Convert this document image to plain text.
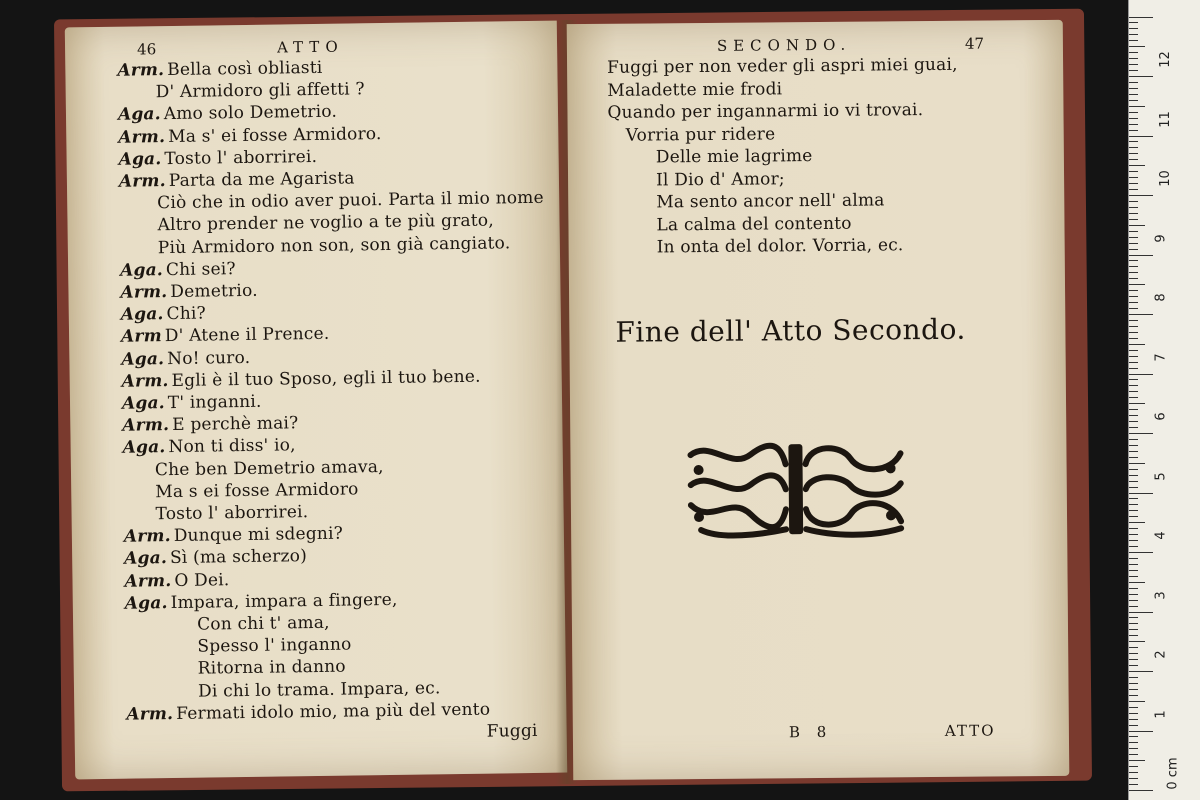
46	ATTO
Arm. Bella così obliasti
D' Armidoro gli affetti ?
Aga. Amo solo Demetrio.
Arm. Ma s' ei fosse Armidoro.
Aga. Tosto l' aborrirei.
Arm. Parta da me Agarista
Ciò che in odio aver puoi. Parta il mio nome
Altro prender ne voglio a te più grato,
Più Armidoro non son, son già cangiato.
Aga. Chi sei?
Arm. Demetrio.
Aga. Chi?
Arm D' Atene il Prence.
Aga. No! curo.
Arm. Egli è il tuo Sposo, egli il tuo bene.
Aga. T' inganni.
Arm. E perchè mai?
Aga. Non ti diss' io,
Che ben Demetrio amava,
Ma s ei fosse Armidoro
Tosto l' aborrirei.
Arm. Dunque mi sdegni?
Aga. Sì (ma scherzo)
Arm. O Dei.
Aga. Impara, impara a fingere,
Con chi t' ama,
Spesso l' inganno
Ritorna in danno
Di chi lo trama. Impara, ec.
Arm. Fermati idolo mio, ma più del vento
Fuggi
SECONDO.	47
Fuggi per non veder gli aspri miei guai,
Maladette mie frodi
Quando per ingannarmi io vi trovai.
Vorria pur ridere
Delle mie lagrime
Il Dio d' Amor;
Ma sento ancor nell' alma
La calma del contento
In onta del dolor. Vorria, ec.
Fine dell' Atto Secondo.
B 8	ATTO
0 cm
1
2
3
4
5
6
7
8
9
10
11
12
